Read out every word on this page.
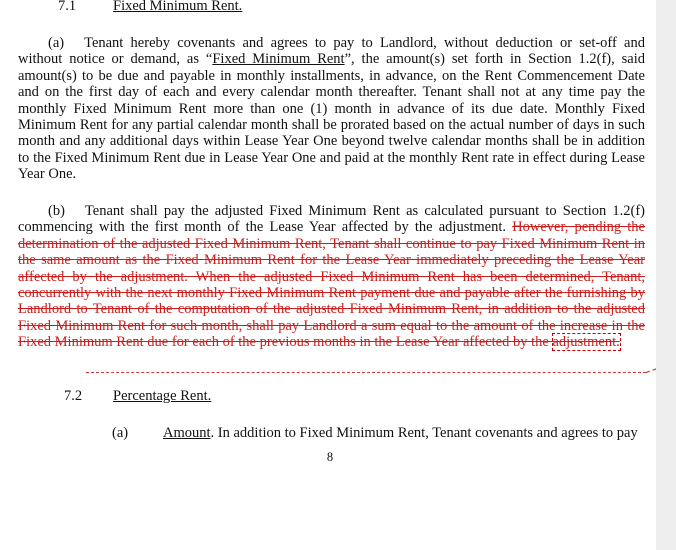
7.1	Fixed Minimum Rent.
(a) Tenant hereby covenants and agrees to pay to Landlord, without deduction or set-off and without notice or demand, as “Fixed Minimum Rent”, the amount(s) set forth in Section 1.2(f), said amount(s) to be due and payable in monthly installments, in advance, on the Rent Commencement Date and on the first day of each and every calendar month thereafter. Tenant shall not at any time pay the monthly Fixed Minimum Rent more than one (1) month in advance of its due date. Monthly Fixed Minimum Rent for any partial calendar month shall be prorated based on the actual number of days in such month and any additional days within Lease Year One beyond twelve calendar months shall be in addition to the Fixed Minimum Rent due in Lease Year One and paid at the monthly Rent rate in effect during Lease Year One.
(b) Tenant shall pay the adjusted Fixed Minimum Rent as calculated pursuant to Section 1.2(f) commencing with the first month of the Lease Year affected by the adjustment. However, pending the determination of the adjusted Fixed Minimum Rent, Tenant shall continue to pay Fixed Minimum Rent in the same amount as the Fixed Minimum Rent for the Lease Year immediately preceding the Lease Year affected by the adjustment. When the adjusted Fixed Minimum Rent has been determined, Tenant, concurrently with the next monthly Fixed Minimum Rent payment due and payable after the furnishing by Landlord to Tenant of the computation of the adjusted Fixed Minimum Rent, in addition to the adjusted Fixed Minimum Rent for such month, shall pay Landlord a sum equal to the amount of the increase in the Fixed Minimum Rent due for each of the previous months in the Lease Year affected by the adjustment.
7.2 Percentage Rent.
(a) Amount. In addition to Fixed Minimum Rent, Tenant covenants and agrees to pay
8
